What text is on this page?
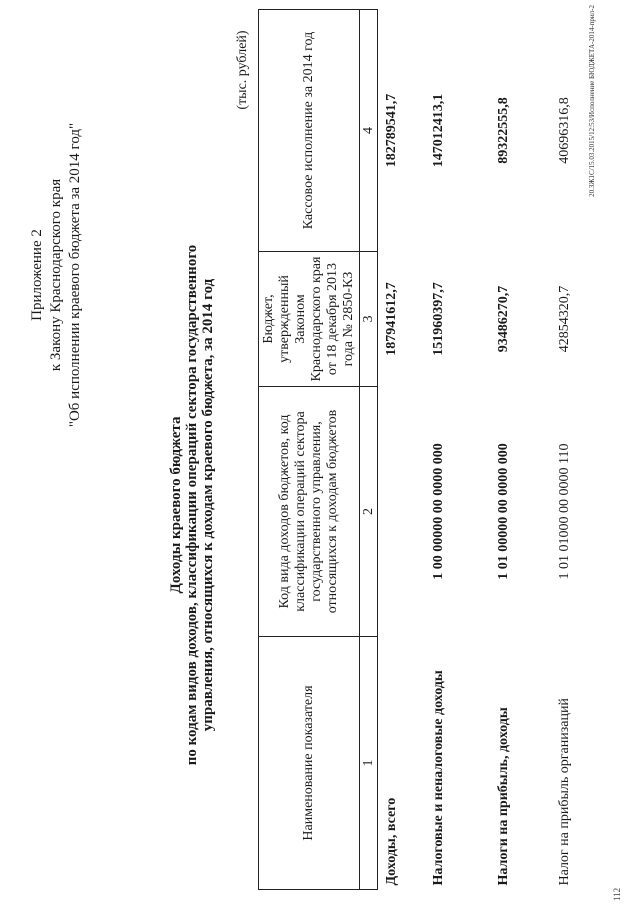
Приложение 2 к Закону Краснодарского края "Об исполнении краевого бюджета за 2014 год"
Доходы краевого бюджета по кодам видов доходов, классификации операций сектора государственного управления, относящихся к доходам краевого бюджета, за 2014 год
(тыс. рублей)
Наименование показателя	Код вида доходов бюджетов, код классификации операций сектора государственного управления, относящихся к доходам бюджетов	Бюджет, утвержденный Законом Краснодарского края от 18 декабря 2013 года № 2850-КЗ	Кассовое исполнение за 2014 год
1	2	3	4
Доходы, всего		187941612,7	182789541,7
Налоговые и неналоговые доходы	1 00 00000 00 0000 000	151960397,7	147012413,1
Налоги на прибыль, доходы	1 01 00000 00 0000 000	93486270,7	89322555,8
Налог на прибыль организаций	1 01 01000 00 0000 110	42854320,7	40696316,8 20.ЗЖ1С/15.03.2015/12:53/Исполнение БЮДЖЕТА-2014-прил-2
112
